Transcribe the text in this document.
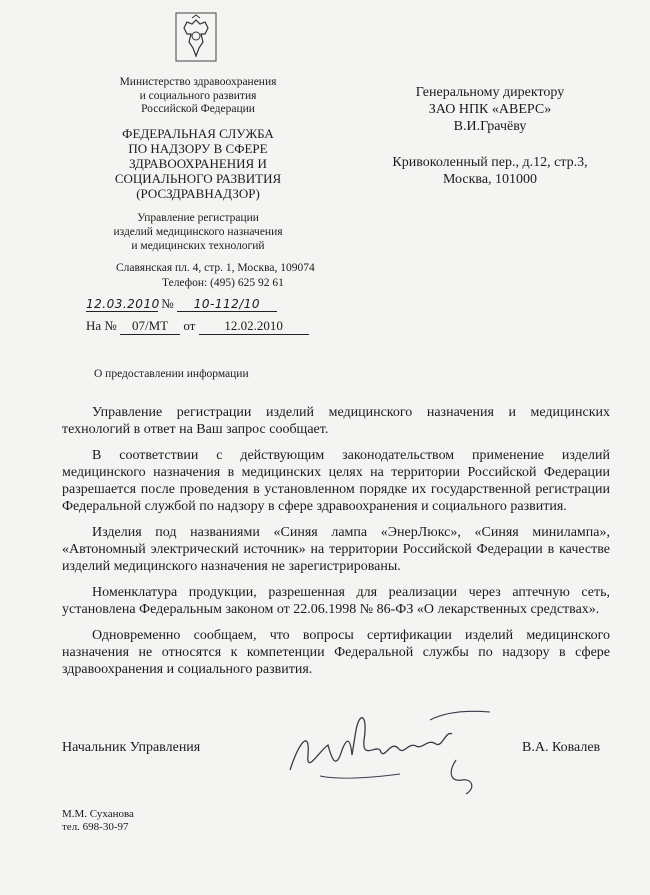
Министерство здравоохранения
и социального развития
Российской Федерации
ФЕДЕРАЛЬНАЯ СЛУЖБА
ПО НАДЗОРУ В СФЕРЕ
ЗДРАВООХРАНЕНИЯ И
СОЦИАЛЬНОГО РАЗВИТИЯ
(РОСЗДРАВНАДЗОР)
Управление регистрации
изделий медицинского назначения
и медицинских технологий
Славянская пл. 4, стр. 1, Москва, 109074
Телефон: (495) 625 92 61
12.03.2010 № 10-112/10
На № 07/МТ от 12.02.2010
Генеральному директору
ЗАО НПК «АВЕРС»
В.И.Грачёву
Кривоколенный пер., д.12, стр.3,
Москва, 101000
О предоставлении информации

Управление регистрации изделий медицинского назначения и медицинских технологий в ответ на Ваш запрос сообщает.

В соответствии с действующим законодательством применение изделий медицинского назначения в медицинских целях на территории Российской Федерации разрешается после проведения в установленном порядке их государственной регистрации Федеральной службой по надзору в сфере здравоохранения и социального развития.

Изделия под названиями «Синяя лампа «ЭнерЛюкс», «Синяя минилампа», «Автономный электрический источник» на территории Российской Федерации в качестве изделий медицинского назначения не зарегистрированы.

Номенклатура продукции, разрешенная для реализации через аптечную сеть, установлена Федеральным законом от 22.06.1998 № 86-ФЗ «О лекарственных средствах».

Одновременно сообщаем, что вопросы сертификации изделий медицинского назначения не относятся к компетенции Федеральной службы по надзору в сфере здравоохранения и социального развития.

Начальник Управления	В.А. Ковалев
М.М. Суханова
тел. 698-30-97
